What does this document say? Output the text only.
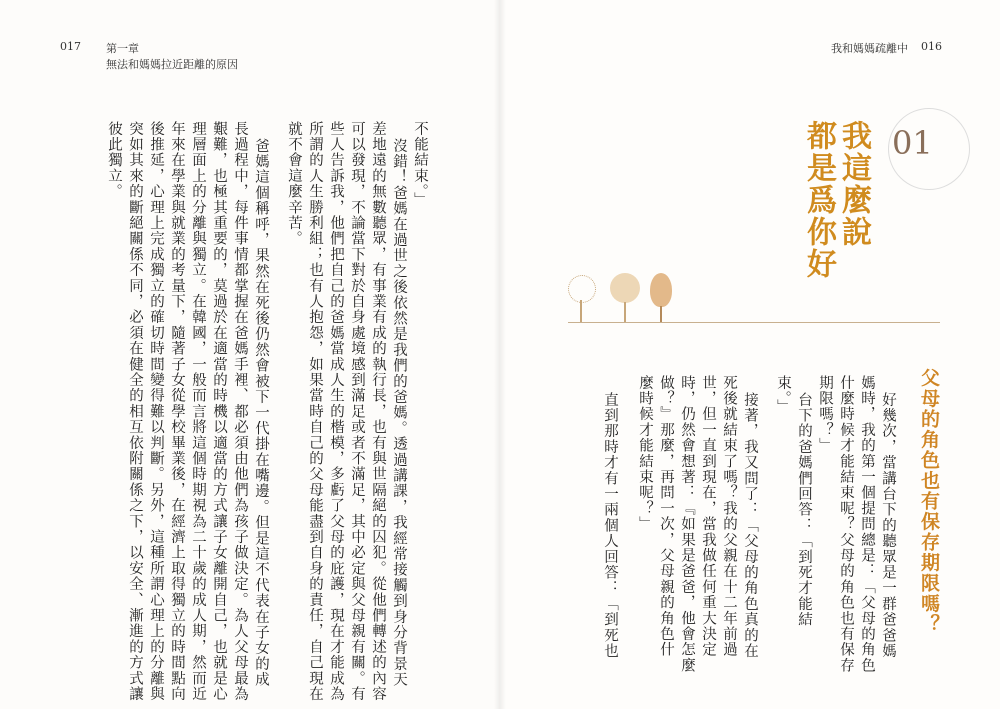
017 第一章
無法和媽媽拉近距離的原因
不能結束。」
沒錯！爸媽在過世之後依然是我們的爸媽。透過講課，我經常接觸到身分背景天
差地遠的無數聽眾，有事業有成的執行長，也有與世隔絕的囚犯。從他們轉述的內容
可以發現，不論當下對於自身處境感到滿足或者不滿足，其中必定與父母親有關。有
些人告訴我，他們把自己的爸媽當成人生的楷模，多虧了父母的庇護，現在才能成為
所謂的人生勝利組；也有人抱怨，如果當時自己的父母能盡到自身的責任，自己現在
就不會這麼辛苦。
爸媽這個稱呼，果然在死後仍然會被下一代掛在嘴邊。但是這不代表在子女的成
長過程中，每件事情都掌握在爸媽手裡、都必須由他們為孩子做決定。為人父母最為
艱難，也極其重要的，莫過於在適當的時機以適當的方式讓子女離開自己，也就是心
理層面上的分離與獨立。在韓國，一般而言將這個時期視為二十歲的成人期，然而近
年來在學業與就業的考量下，隨著子女從學校畢業後，在經濟上取得獨立的時間點向
後推延，心理上完成獨立的確切時間變得難以判斷。另外，這種所謂心理上的分離與
突如其來的斷絕關係不同，必須在健全的相互依附關係之下，以安全、漸進的方式讓
彼此獨立。
我和媽媽疏離中 016
01
我這麼說
都是爲你好
父母的角色也有保存期限嗎？
好幾次，當講台下的聽眾是一群爸爸媽
媽時，我的第一個提問總是：「父母的角色
什麼時候才能結束呢？父母的角色也有保存
期限嗎？」
台下的爸媽們回答：「到死才能結
束。」
接著，我又問了：「父母的角色真的在
死後就結束了嗎？我的父親在十二年前過
世，但一直到現在，當我做任何重大決定
時，仍然會想著：『如果是爸爸，他會怎麼
做？』那麼，再問一次，父母親的角色什
麼時候才能結束呢？」
直到那時才有一兩個人回答：「到死也
